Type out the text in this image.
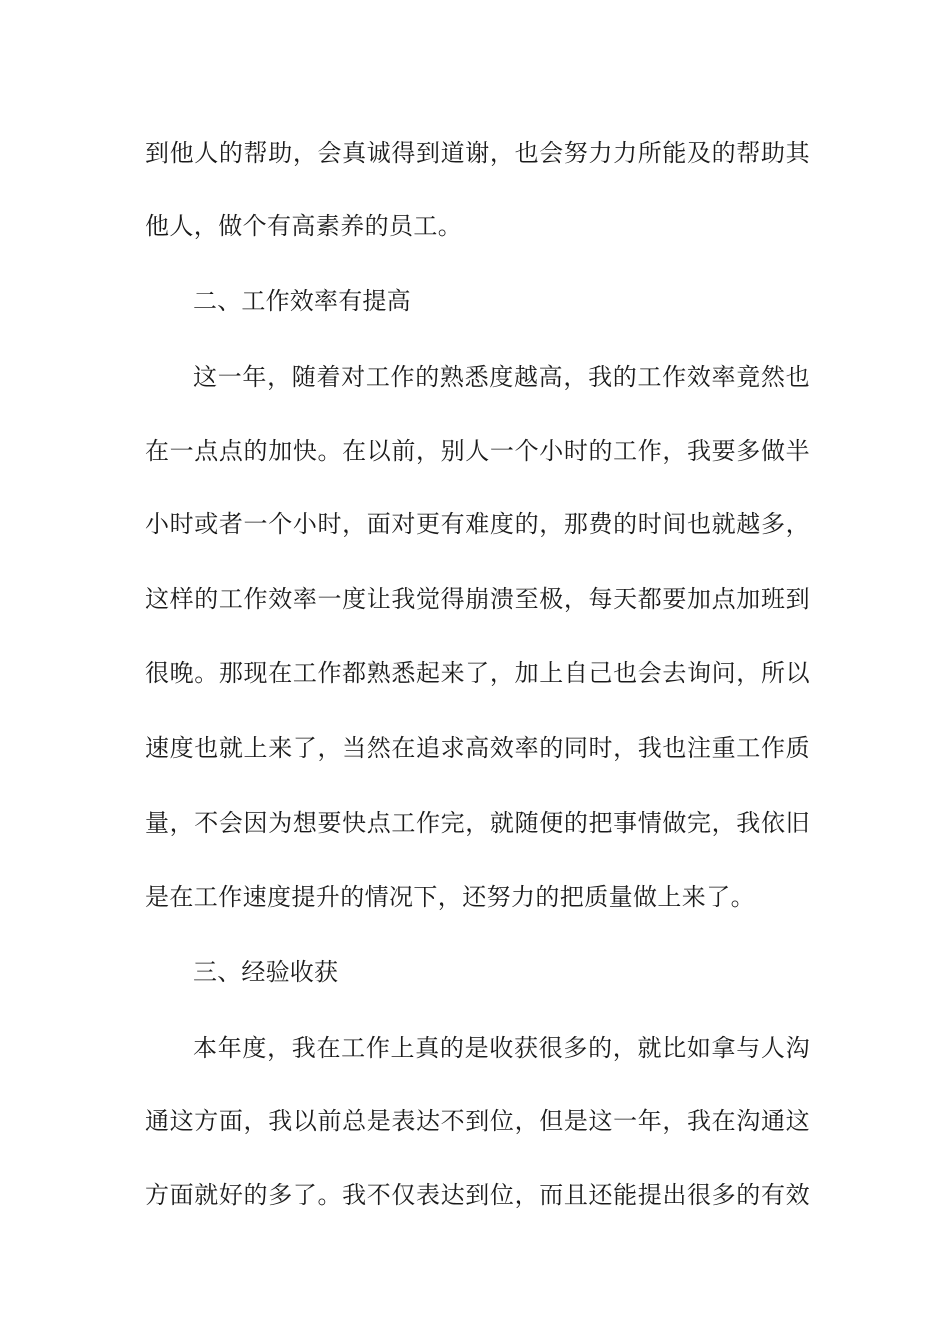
到他人的帮助，会真诚得到道谢，也会努力力所能及的帮助其

他人，做个有高素养的员工。

二、工作效率有提高

这一年，随着对工作的熟悉度越高，我的工作效率竟然也

在一点点的加快。在以前，别人一个小时的工作，我要多做半

小时或者一个小时，面对更有难度的，那费的时间也就越多，

这样的工作效率一度让我觉得崩溃至极，每天都要加点加班到

很晚。那现在工作都熟悉起来了，加上自己也会去询问，所以

速度也就上来了，当然在追求高效率的同时，我也注重工作质

量，不会因为想要快点工作完，就随便的把事情做完，我依旧

是在工作速度提升的情况下，还努力的把质量做上来了。

三、经验收获

本年度，我在工作上真的是收获很多的，就比如拿与人沟

通这方面，我以前总是表达不到位，但是这一年，我在沟通这

方面就好的多了。我不仅表达到位，而且还能提出很多的有效
